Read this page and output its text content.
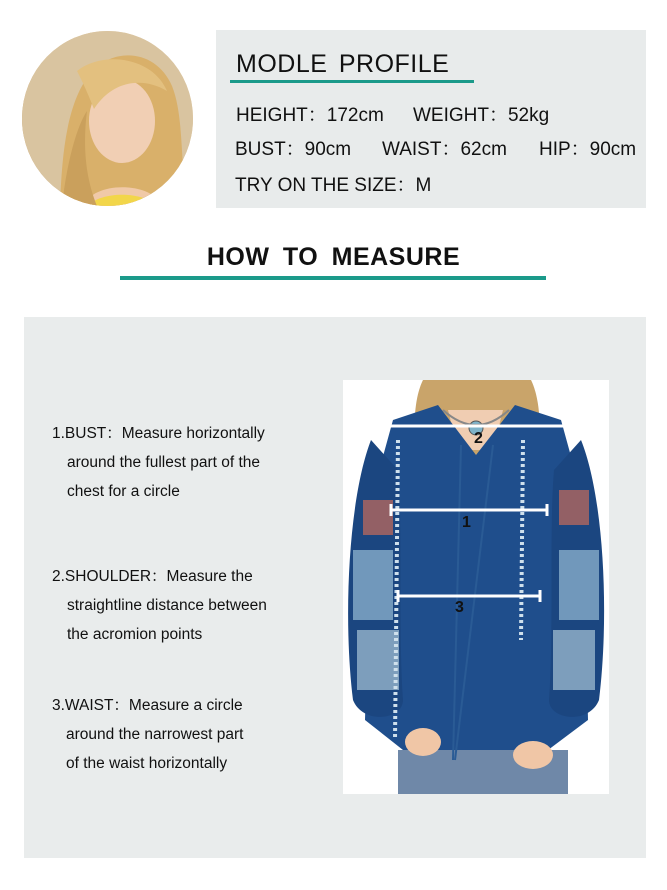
MODLE PROFILE
HEIGHT：172cm WEIGHT：52kg
BUST：90cm WAIST：62cm HIP：90cm
TRY ON THE SIZE：M
HOW TO MEASURE
1.BUST：Measure horizontally
around the fullest part of the
chest for a circle
2.SHOULDER：Measure the
straightline distance between
the acromion points
3.WAIST：Measure a circle
around the narrowest part
of the waist horizontally
2
1
3
